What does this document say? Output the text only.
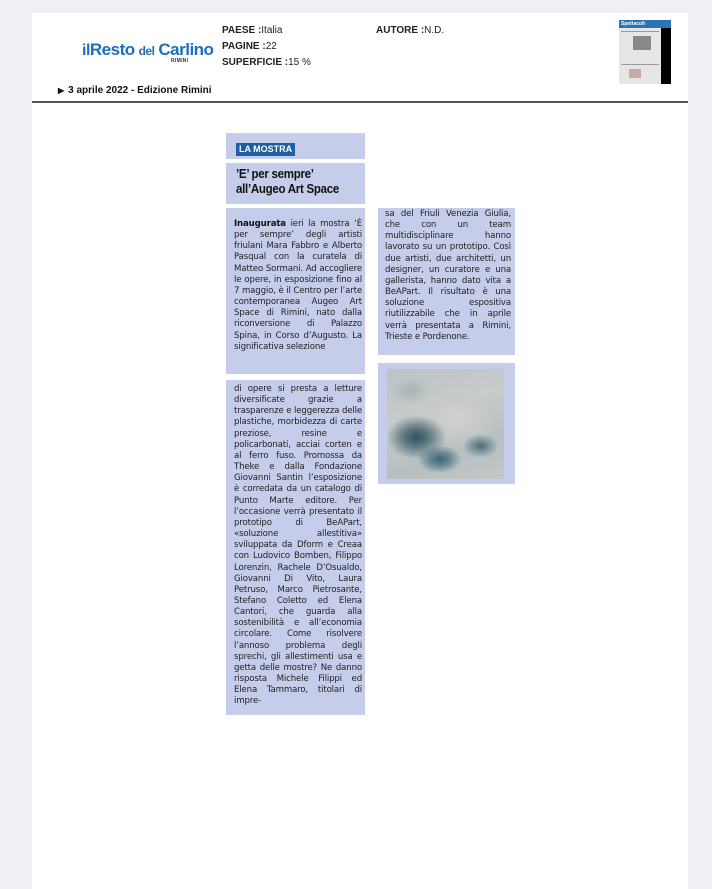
ilResto del Carlino
RIMINI
PAESE :Italia
PAGINE :22
SUPERFICIE :15 %
AUTORE :N.D.
▶ 3 aprile 2022 - Edizione Rimini
Spettacoli
LA MOSTRA
’E’ per sempre’
all’Augeo Art Space
Inaugurata ieri la mostra ‘È per sempre’ degli artisti friulani Mara Fabbro e Alberto Pasqual con la curatela di Matteo Sormani. Ad accogliere le opere, in esposizione fino al 7 maggio, è il Centro per l’arte contemporanea Augeo Art Space di Rimini, nato dalla riconversione di Palazzo Spina, in Corso d’Augusto. La significativa selezione
di opere si presta a letture diversificate grazie a trasparenze e leggerezza delle plastiche, morbidezza di carte preziose, resine e policarbonati, acciai corten e al ferro fuso. Promossa da Theke e dalla Fondazione Giovanni Santin l’esposizione è corredata da un catalogo di Punto Marte editore. Per l’occasione verrà presentato il prototipo di BeAPart, «soluzione allestitiva» sviluppata da Dform e Creaa con Ludovico Bomben, Filippo Lorenzin, Rachele D’Osualdo, Giovanni Di Vito, Laura Petruso, Marco Pietrosante, Stefano Coletto ed Elena Cantori, che guarda alla sostenibilità e all’economia circolare. Come risolvere l’annoso problema degli sprechi, gli allestimenti usa e getta delle mostre? Ne danno risposta Michele Filippi ed Elena Tammaro, titolari di impre-
sa del Friuli Venezia Giulia, che con un team multidisciplinare hanno lavorato su un prototipo. Così due artisti, due architetti, un designer, un curatore e una gallerista, hanno dato vita a BeAPart. Il risultato è una soluzione espositiva riutilizzabile che in aprile verrà presentata a Rimini, Trieste e Pordenone.
